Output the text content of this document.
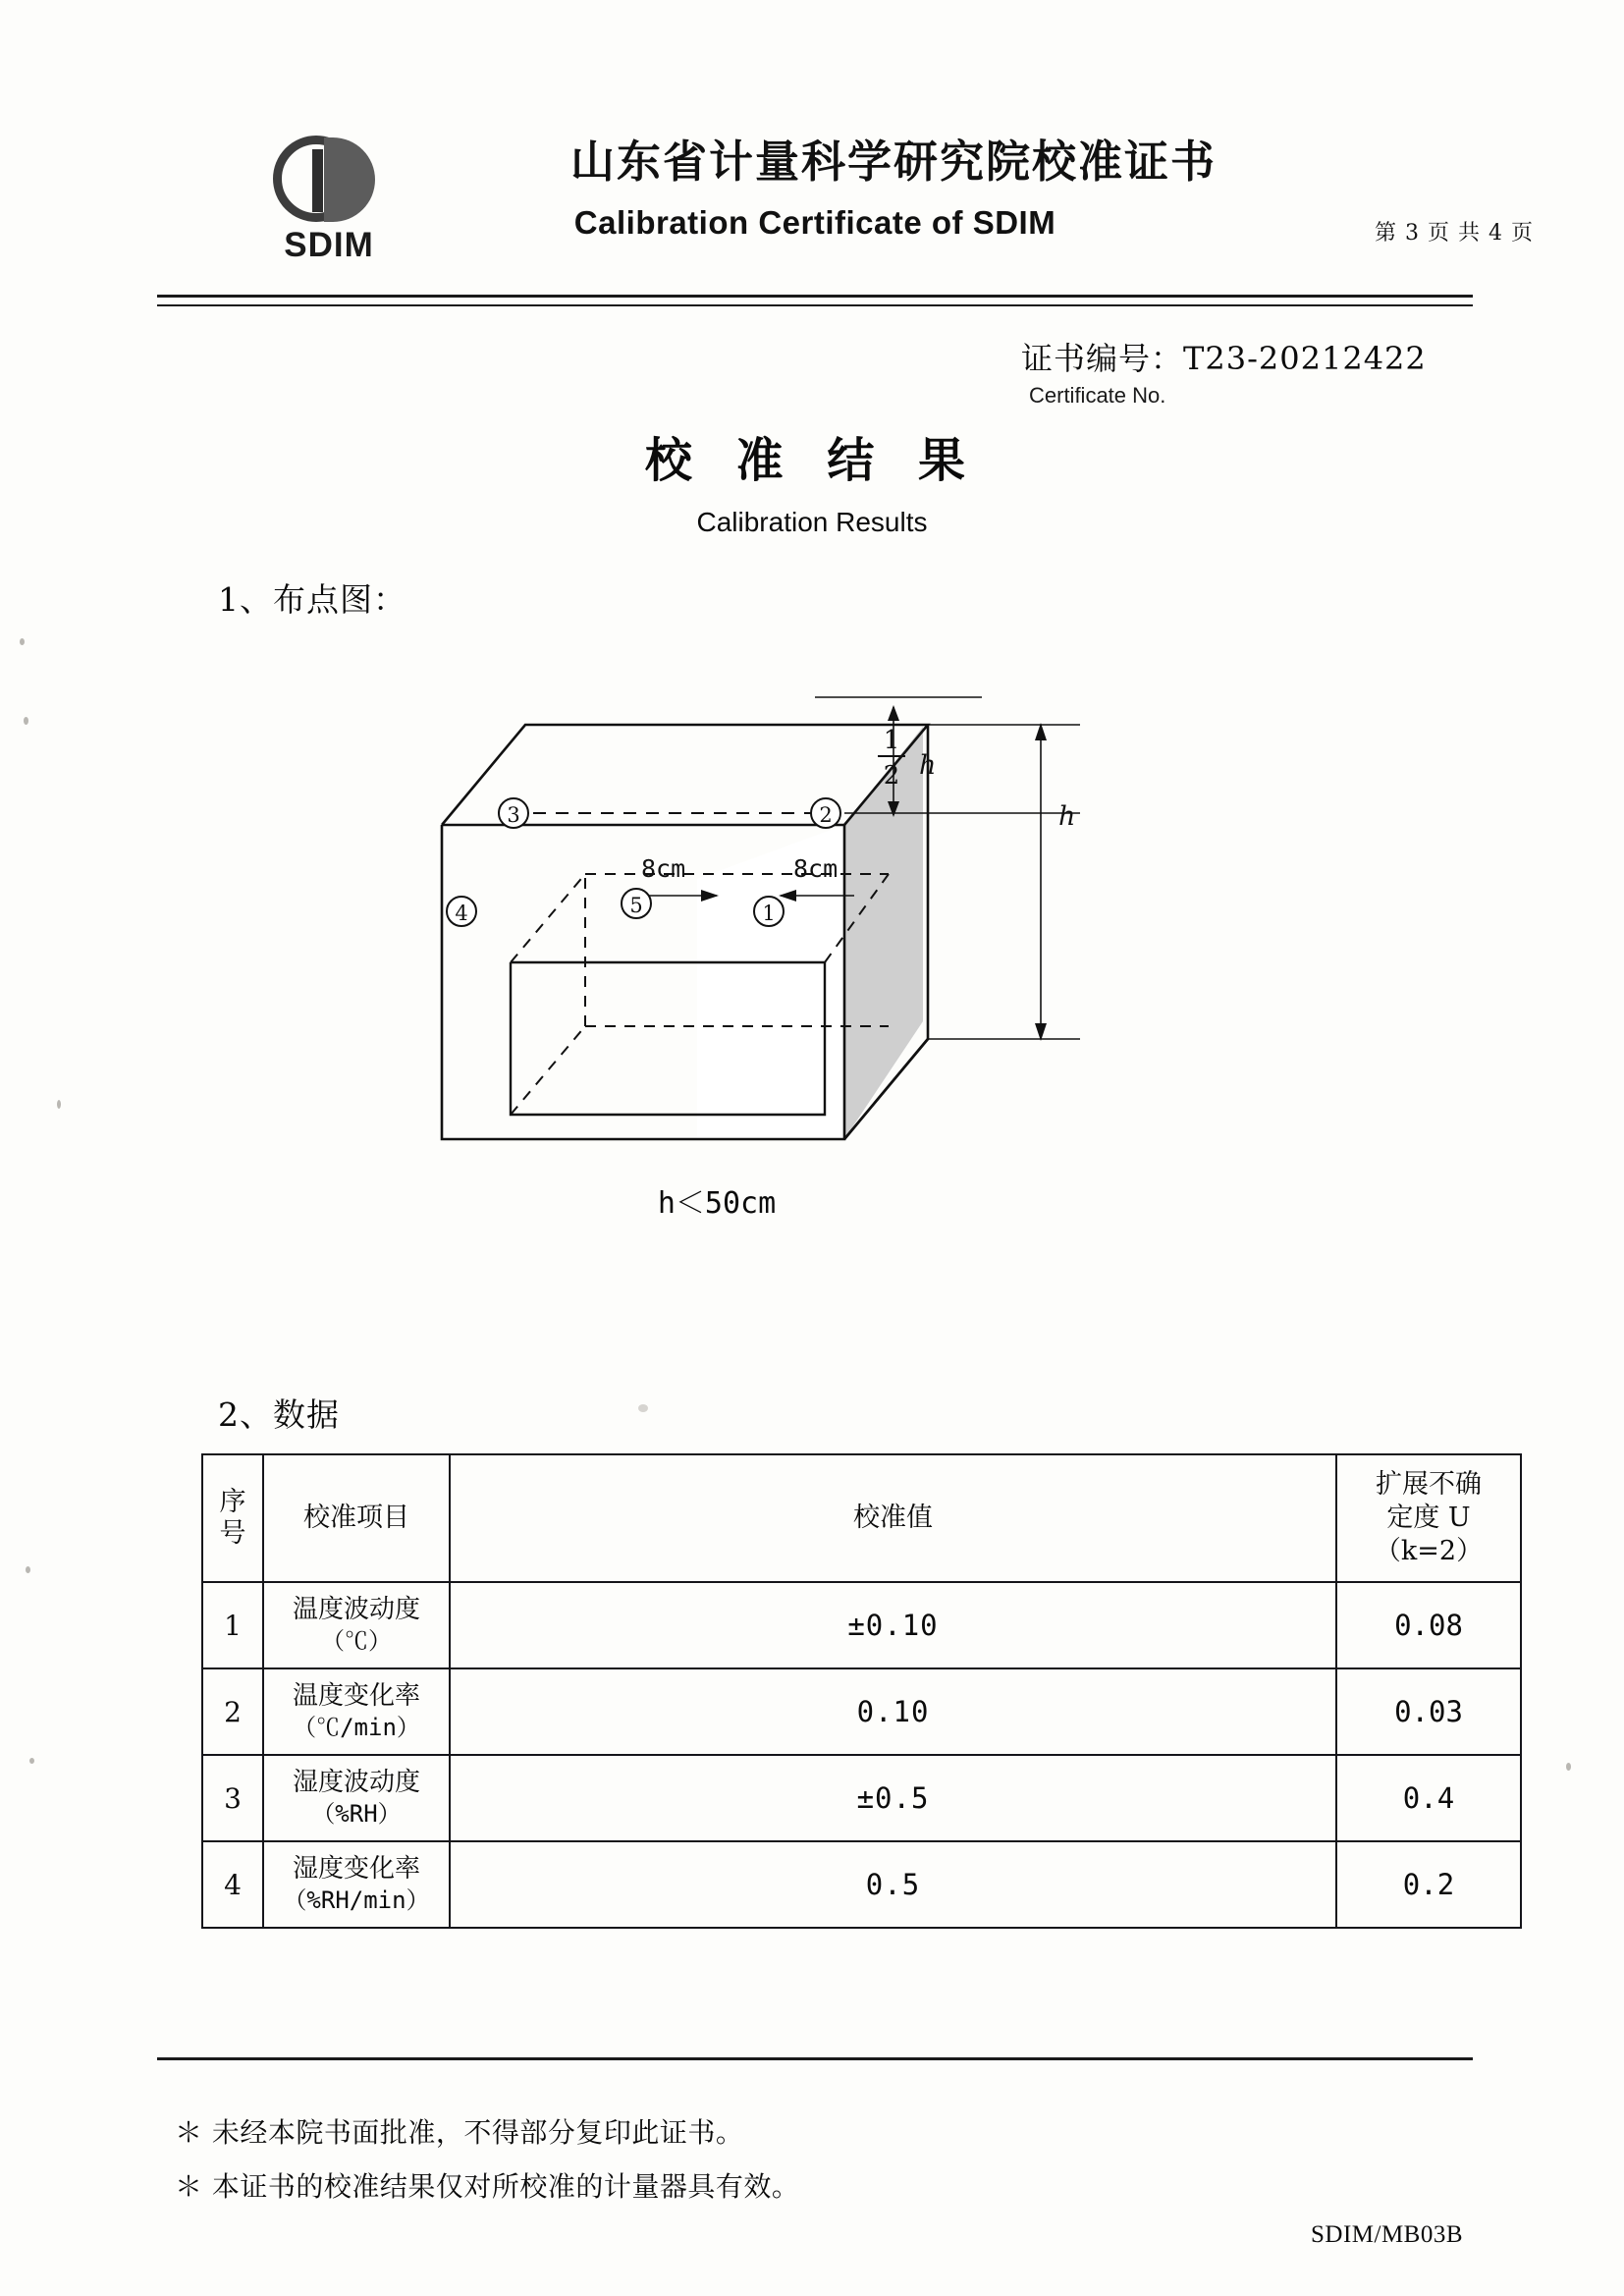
SDIM
山东省计量科学研究院校准证书
Calibration Certificate of SDIM	第 3 页 共 4 页
证书编号：T23-20212422
Certificate No.
校 准 结 果
Calibration Results
1、布点图：
3	2
1
4	5
1
2 h
h
8cm	8cm
h＜50cm
2、数据
序
号	校准项目	校准值	扩展不确
定度 U
（k=2）

1	温度波动度
（℃）	±0.10	0.08
2	温度变化率
（℃/min）	0.10	0.03
3	湿度波动度
（%RH）	±0.5	0.4
4	湿度变化率
（%RH/min）	0.5	0.2
＊ 未经本院书面批准，不得部分复印此证书。
＊ 本证书的校准结果仅对所校准的计量器具有效。
SDIM/MB03B
